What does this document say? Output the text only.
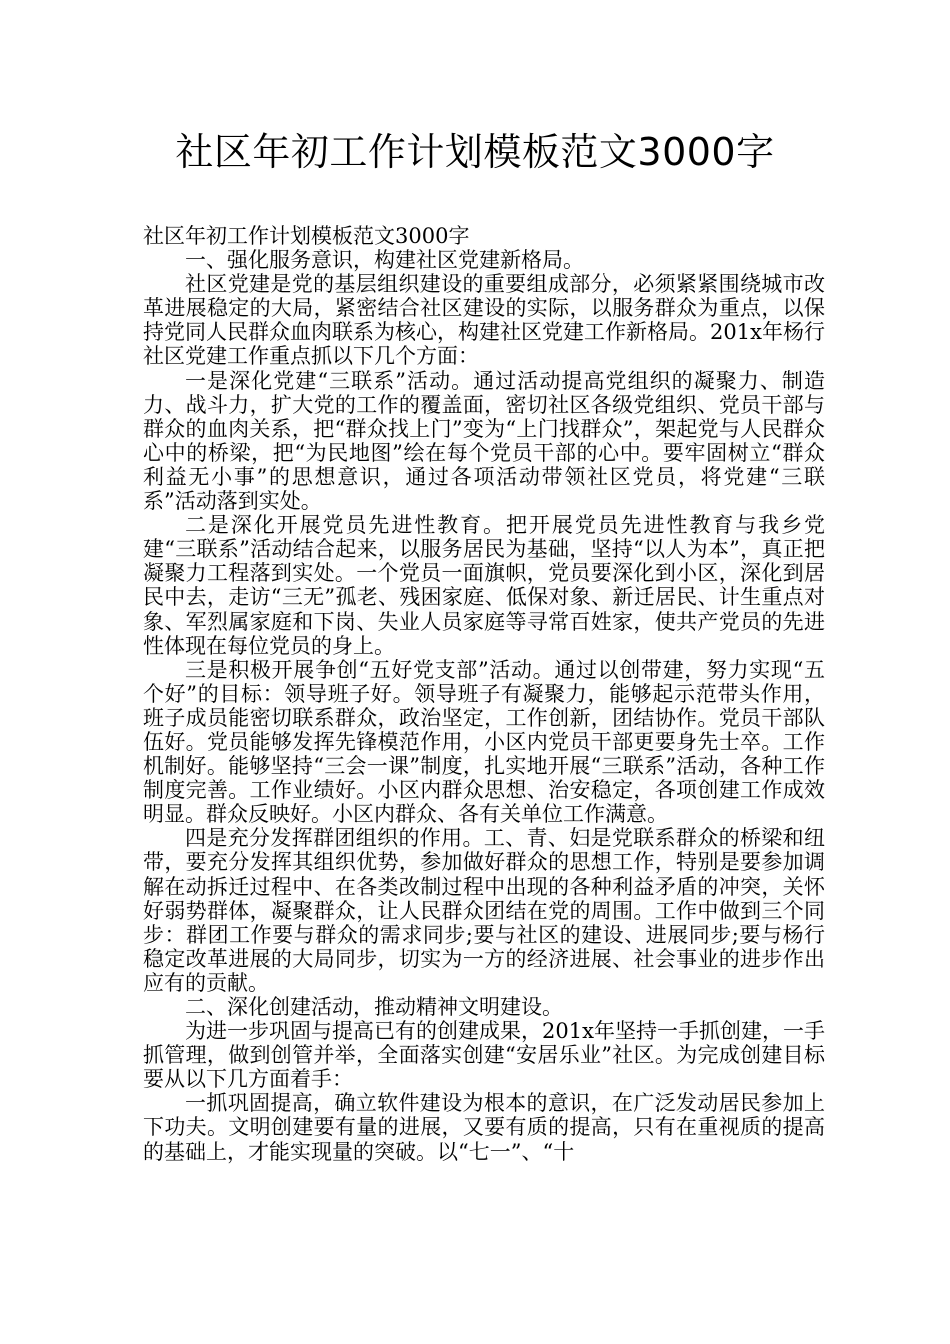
社区年初工作计划模板范文3000字

社区年初工作计划模板范文3000字

一、强化服务意识，构建社区党建新格局。

社区党建是党的基层组织建设的重要组成部分，必须紧紧围绕城市改革进展稳定的大局，紧密结合社区建设的实际，以服务群众为重点，以保持党同人民群众血肉联系为核心，构建社区党建工作新格局。201x年杨行社区党建工作重点抓以下几个方面：

一是深化党建“三联系”活动。通过活动提高党组织的凝聚力、制造力、战斗力，扩大党的工作的覆盖面，密切社区各级党组织、党员干部与群众的血肉关系，把“群众找上门”变为“上门找群众”，架起党与人民群众心中的桥梁，把“为民地图”绘在每个党员干部的心中。要牢固树立“群众利益无小事”的思想意识，通过各项活动带领社区党员，将党建“三联系”活动落到实处。

二是深化开展党员先进性教育。把开展党员先进性教育与我乡党建“三联系”活动结合起来，以服务居民为基础，坚持“以人为本”，真正把凝聚力工程落到实处。一个党员一面旗帜，党员要深化到小区，深化到居民中去，走访“三无”孤老、残困家庭、低保对象、新迁居民、计生重点对象、军烈属家庭和下岗、失业人员家庭等寻常百姓家，使共产党员的先进性体现在每位党员的身上。

三是积极开展争创“五好党支部”活动。通过以创带建，努力实现“五个好”的目标：领导班子好。领导班子有凝聚力，能够起示范带头作用，班子成员能密切联系群众，政治坚定，工作创新，团结协作。党员干部队伍好。党员能够发挥先锋模范作用，小区内党员干部更要身先士卒。工作机制好。能够坚持“三会一课”制度，扎实地开展“三联系”活动，各种工作制度完善。工作业绩好。小区内群众思想、治安稳定，各项创建工作成效明显。群众反映好。小区内群众、各有关单位工作满意。

四是充分发挥群团组织的作用。工、青、妇是党联系群众的桥梁和纽带，要充分发挥其组织优势，参加做好群众的思想工作，特别是要参加调解在动拆迁过程中、在各类改制过程中出现的各种利益矛盾的冲突，关怀好弱势群体，凝聚群众，让人民群众团结在党的周围。工作中做到三个同步：群团工作要与群众的需求同步;要与社区的建设、进展同步;要与杨行稳定改革进展的大局同步，切实为一方的经济进展、社会事业的进步作出应有的贡献。

二、深化创建活动，推动精神文明建设。

为进一步巩固与提高已有的创建成果，201x年坚持一手抓创建，一手抓管理，做到创管并举，全面落实创建“安居乐业”社区。为完成创建目标要从以下几方面着手：

一抓巩固提高，确立软件建设为根本的意识，在广泛发动居民参加上下功夫。文明创建要有量的进展，又要有质的提高，只有在重视质的提高的基础上，才能实现量的突破。以“七一”、“十
